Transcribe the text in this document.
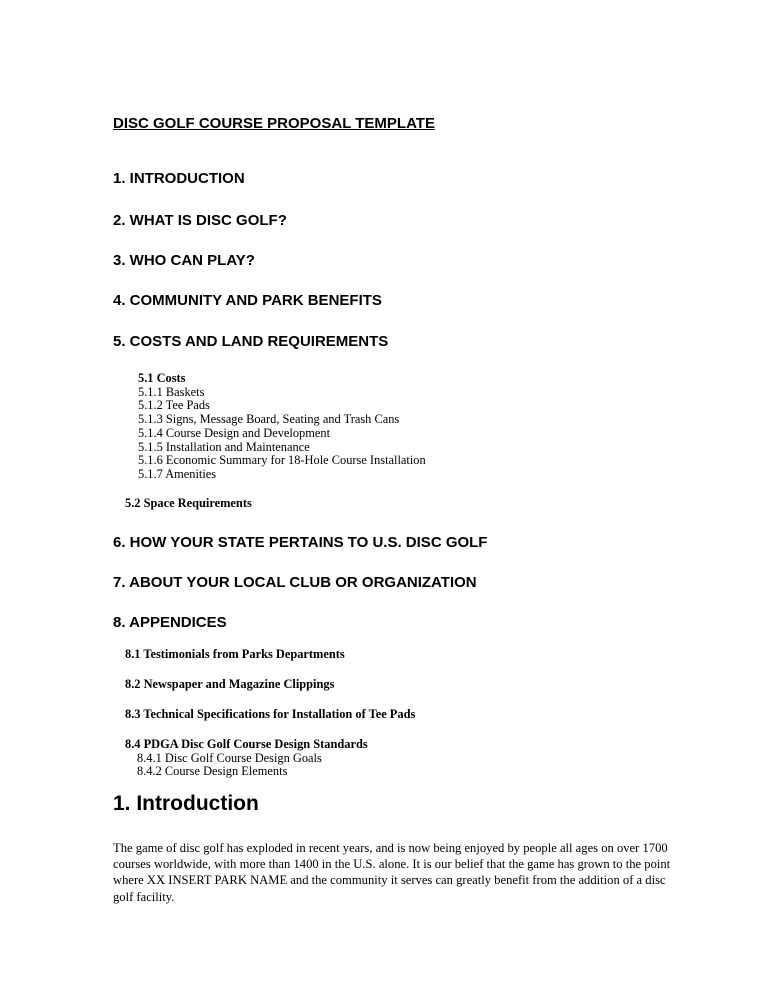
DISC GOLF COURSE PROPOSAL TEMPLATE
1. INTRODUCTION
2. WHAT IS DISC GOLF?
3. WHO CAN PLAY?
4. COMMUNITY AND PARK BENEFITS
5. COSTS AND LAND REQUIREMENTS
5.1 Costs
5.1.1 Baskets
5.1.2 Tee Pads
5.1.3 Signs, Message Board, Seating and Trash Cans
5.1.4 Course Design and Development
5.1.5 Installation and Maintenance
5.1.6 Economic Summary for 18-Hole Course Installation
5.1.7 Amenities
5.2 Space Requirements
6. HOW YOUR STATE PERTAINS TO U.S. DISC GOLF
7. ABOUT YOUR LOCAL CLUB OR ORGANIZATION
8. APPENDICES
8.1 Testimonials from Parks Departments
8.2 Newspaper and Magazine Clippings
8.3 Technical Specifications for Installation of Tee Pads
8.4 PDGA Disc Golf Course Design Standards
8.4.1 Disc Golf Course Design Goals
8.4.2 Course Design Elements
1. Introduction
The game of disc golf has exploded in recent years, and is now being enjoyed by people all ages on over 1700 courses worldwide, with more than 1400 in the U.S. alone. It is our belief that the game has grown to the point where XX INSERT PARK NAME and the community it serves can greatly benefit from the addition of a disc golf facility.
